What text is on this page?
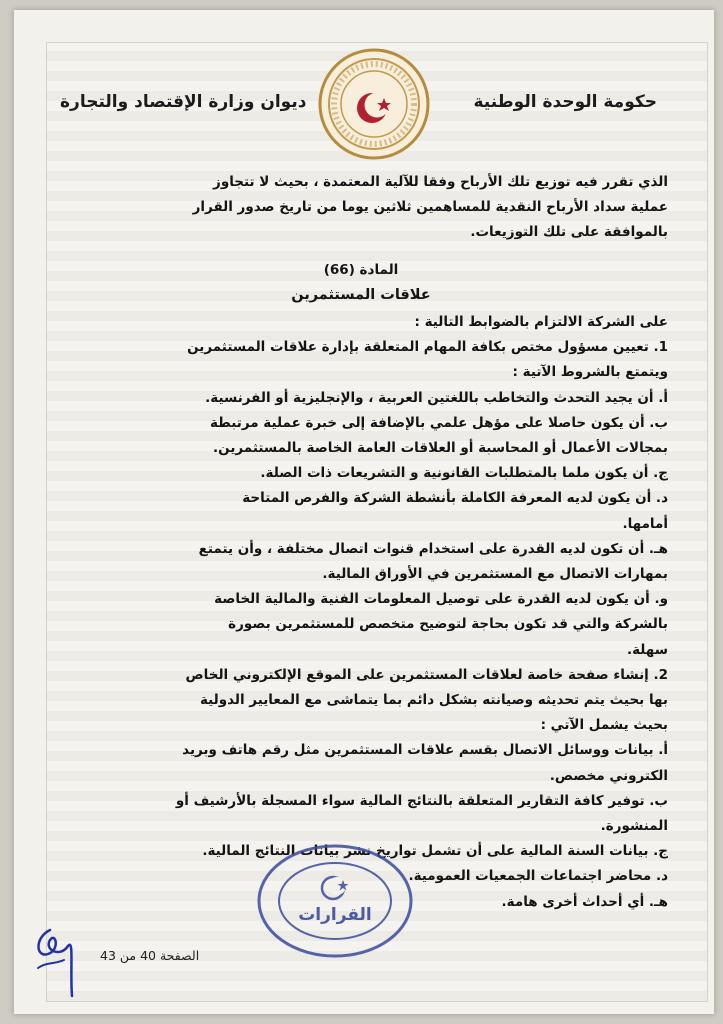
حكومة الوحدة الوطنية
ديوان وزارة الإقتصاد والتجارة

الذي تقرر فيه توزيع تلك الأرباح وفقا للآلية المعتمدة ، بحيث لا تتجاوز

عملية سداد الأرباح النقدية للمساهمين ثلاثين يوما من تاريخ صدور القرار

بالموافقة على تلك التوزيعات.

المادة (66)

علاقات المستثمرين

على الشركة الالتزام بالضوابط التالية :

1. تعيين مسؤول مختص بكافة المهام المتعلقة بإدارة علاقات المستثمرين

ويتمتع بالشروط الآتية :

أ. أن يجيد التحدث والتخاطب باللغتين العربية ، والإنجليزية أو الفرنسية.

ب. أن يكون حاصلا على مؤهل علمي بالإضافة إلى خبرة عملية مرتبطة

بمجالات الأعمال أو المحاسبة أو العلاقات العامة الخاصة بالمستثمرين.

ج. أن يكون ملما بالمتطلبات القانونية و التشريعات ذات الصلة.

د. أن يكون لديه المعرفة الكاملة بأنشطة الشركة والفرص المتاحة

أمامها.

هـ. أن تكون لديه القدرة على استخدام قنوات اتصال مختلفة ، وأن يتمتع

بمهارات الاتصال مع المستثمرين في الأوراق المالية.

و. أن يكون لديه القدرة على توصيل المعلومات الفنية والمالية الخاصة

بالشركة والتي قد تكون بحاجة لتوضيح متخصص للمستثمرين بصورة

سهلة.

2. إنشاء صفحة خاصة لعلاقات المستثمرين على الموقع الإلكتروني الخاص

بها بحيث يتم تحديثه وصيانته بشكل دائم بما يتماشى مع المعايير الدولية

بحيث يشمل الآتي :

أ. بيانات ووسائل الاتصال بقسم علاقات المستثمرين مثل رقم هاتف وبريد

الكتروني مخصص.

ب. توفير كافة التقارير المتعلقة بالنتائج المالية سواء المسجلة بالأرشيف أو

المنشورة.

ج. بيانات السنة المالية على أن تشمل تواريخ نشر بيانات النتائج المالية.

د. محاضر اجتماعات الجمعيات العمومية.

هـ. أي أحداث أخرى هامة.

القرارات
الصفحة 40 من 43
